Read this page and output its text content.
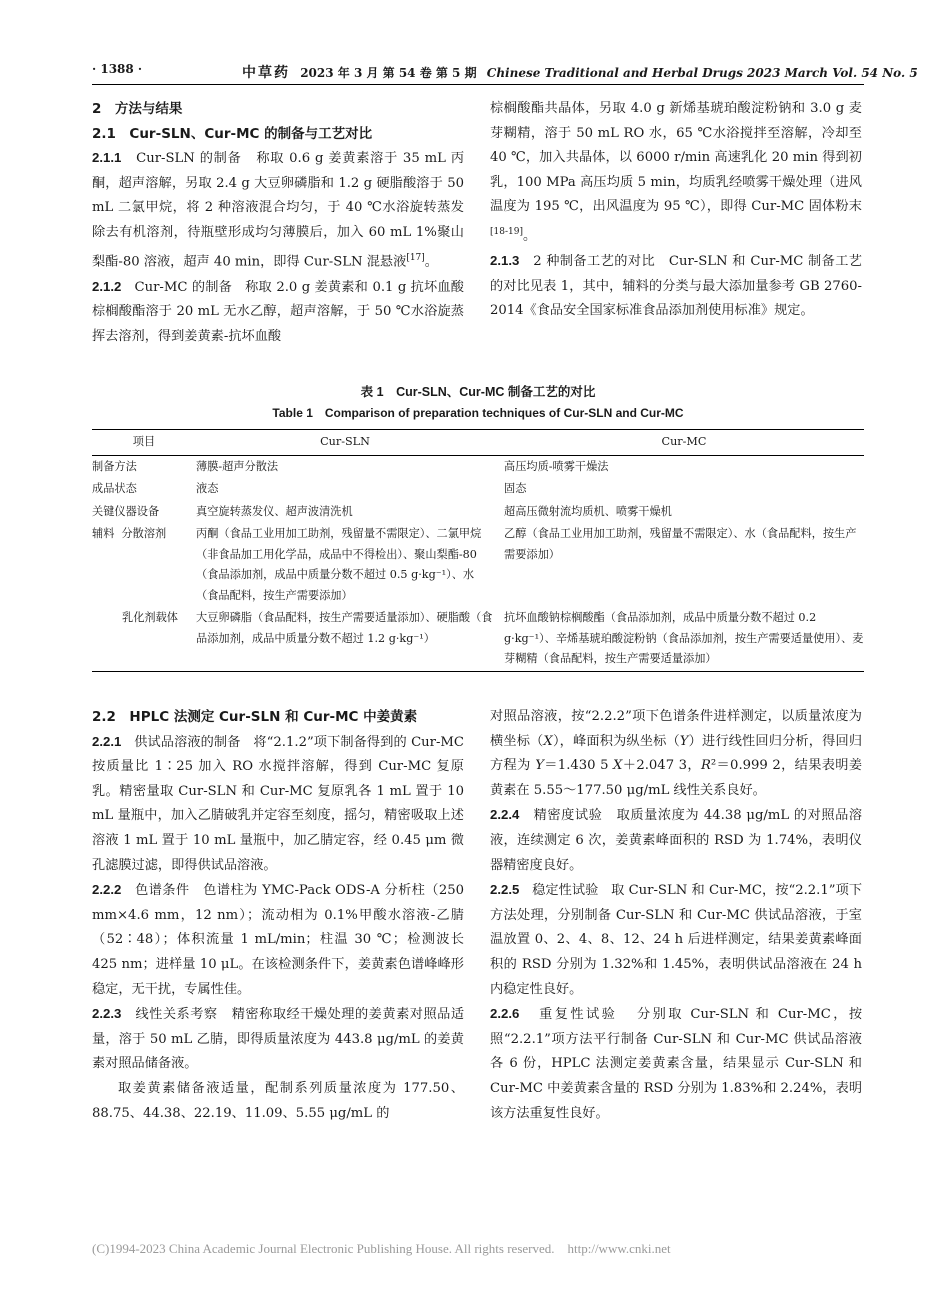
· 1388 ·	中草药 2023 年 3 月 第 54 卷 第 5 期 Chinese Traditional and Herbal Drugs 2023 March Vol. 54 No. 5

2　方法与结果

2.1　Cur-SLN、Cur-MC 的制备与工艺对比

2.1.1 Cur-SLN 的制备 称取 0.6 g 姜黄素溶于 35 mL 丙酮，超声溶解，另取 2.4 g 大豆卵磷脂和 1.2 g 硬脂酸溶于 50 mL 二氯甲烷，将 2 种溶液混合均匀，于 40 ℃水浴旋转蒸发除去有机溶剂，待瓶壁形成均匀薄膜后，加入 60 mL 1%聚山梨酯-80 溶液，超声 40 min，即得 Cur-SLN 混悬液[17]。

2.1.2 Cur-MC 的制备 称取 2.0 g 姜黄素和 0.1 g 抗坏血酸棕榈酸酯溶于 20 mL 无水乙醇，超声溶解，于 50 ℃水浴旋蒸挥去溶剂，得到姜黄素-抗坏血酸

棕榈酸酯共晶体，另取 4.0 g 新烯基琥珀酸淀粉钠和 3.0 g 麦芽糊精，溶于 50 mL RO 水，65 ℃水浴搅拌至溶解，冷却至 40 ℃，加入共晶体，以 6000 r/min 高速乳化 20 min 得到初乳，100 MPa 高压均质 5 min，均质乳经喷雾干燥处理（进风温度为 195 ℃，出风温度为 95 ℃），即得 Cur-MC 固体粉末[18-19]。

2.1.3 2 种制备工艺的对比 Cur-SLN 和 Cur-MC 制备工艺的对比见表 1，其中，辅料的分类与最大添加量参考 GB 2760-2014《食品安全国家标准食品添加剂使用标准》规定。

表 1　Cur-SLN、Cur-MC 制备工艺的对比
Table 1　Comparison of preparation techniques of Cur-SLN and Cur-MC
项目	Cur-SLN	Cur-MC
制备方法	薄膜-超声分散法	高压均质-喷雾干燥法
成品状态	液态	固态
关键仪器设备	真空旋转蒸发仪、超声波清洗机	超高压微射流均质机、喷雾干燥机
辅料  分散溶剂	丙酮（食品工业用加工助剂，残留量不需限定）、二氯甲烷（非食品加工用化学品，成品中不得检出）、聚山梨酯-80（食品添加剂，成品中质量分数不超过 0.5 g·kg⁻¹）、水（食品配料，按生产需要添加）	乙醇（食品工业用加工助剂，残留量不需限定）、水（食品配料，按生产需要添加）
乳化剂载体	大豆卵磷脂（食品配料，按生产需要适量添加）、硬脂酸（食品添加剂，成品中质量分数不超过 1.2 g·kg⁻¹）	抗坏血酸钠棕榈酸酯（食品添加剂，成品中质量分数不超过 0.2 g·kg⁻¹）、辛烯基琥珀酸淀粉钠（食品添加剂，按生产需要适量使用）、麦芽糊精（食品配料，按生产需要适量添加）

2.2　HPLC 法测定 Cur-SLN 和 Cur-MC 中姜黄素

2.2.1 供试品溶液的制备 将“2.1.2”项下制备得到的 Cur-MC 按质量比 1∶25 加入 RO 水搅拌溶解，得到 Cur-MC 复原乳。精密量取 Cur-SLN 和 Cur-MC 复原乳各 1 mL 置于 10 mL 量瓶中，加入乙腈破乳并定容至刻度，摇匀，精密吸取上述溶液 1 mL 置于 10 mL 量瓶中，加乙腈定容，经 0.45 μm 微孔滤膜过滤，即得供试品溶液。

2.2.2 色谱条件 色谱柱为 YMC-Pack ODS-A 分析柱（250 mm×4.6 mm，12 nm）；流动相为 0.1%甲酸水溶液-乙腈（52∶48）；体积流量 1 mL/min；柱温 30 ℃；检测波长 425 nm；进样量 10 μL。在该检测条件下，姜黄素色谱峰峰形稳定，无干扰，专属性佳。

2.2.3 线性关系考察 精密称取经干燥处理的姜黄素对照品适量，溶于 50 mL 乙腈，即得质量浓度为 443.8 μg/mL 的姜黄素对照品储备液。

取姜黄素储备液适量，配制系列质量浓度为 177.50、88.75、44.38、22.19、11.09、5.55 μg/mL 的

对照品溶液，按“2.2.2”项下色谱条件进样测定，以质量浓度为横坐标（X），峰面积为纵坐标（Y）进行线性回归分析，得回归方程为 Y＝1.430 5 X＋2.047 3，R²＝0.999 2，结果表明姜黄素在 5.55～177.50 μg/mL 线性关系良好。

2.2.4 精密度试验 取质量浓度为 44.38 μg/mL 的对照品溶液，连续测定 6 次，姜黄素峰面积的 RSD 为 1.74%，表明仪器精密度良好。

2.2.5 稳定性试验 取 Cur-SLN 和 Cur-MC，按“2.2.1”项下方法处理，分别制备 Cur-SLN 和 Cur-MC 供试品溶液，于室温放置 0、2、4、8、12、24 h 后进样测定，结果姜黄素峰面积的 RSD 分别为 1.32%和 1.45%，表明供试品溶液在 24 h 内稳定性良好。

2.2.6 重复性试验 分别取 Cur-SLN 和 Cur-MC，按照“2.2.1”项方法平行制备 Cur-SLN 和 Cur-MC 供试品溶液各 6 份，HPLC 法测定姜黄素含量，结果显示 Cur-SLN 和 Cur-MC 中姜黄素含量的 RSD 分别为 1.83%和 2.24%，表明该方法重复性良好。

(C)1994-2023 China Academic Journal Electronic Publishing House. All rights reserved. http://www.cnki.net
